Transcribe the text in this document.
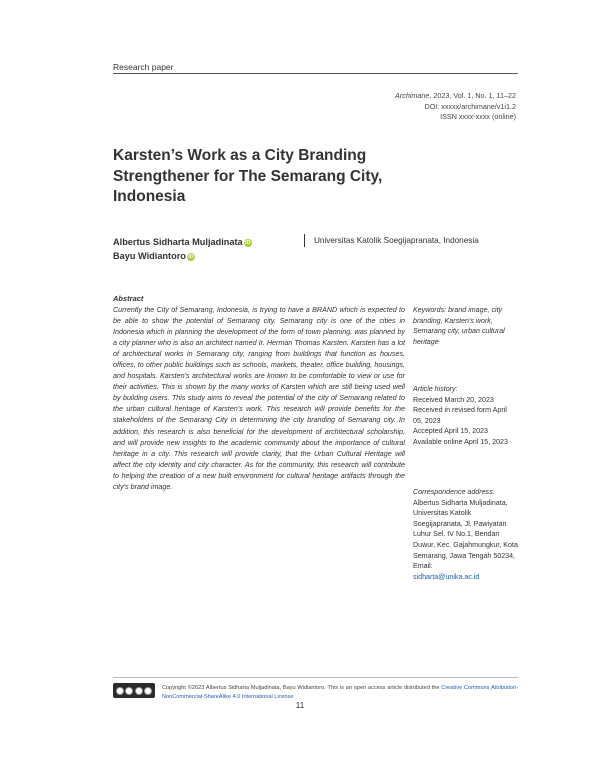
Research paper
Archimane, 2023, Vol. 1, No. 1, 11–22
DOI: xxxxx/archimane/v1i1.2
ISSN xxxx-xxxx (online)
Karsten’s Work as a City Branding Strengthener for The Semarang City, Indonesia
Albertus Sidharta Muljadinata iD
Bayu Widiantoro iD
Universitas Katolik Soegijapranata, Indonesia
Abstract
Currently the City of Semarang, Indonesia, is trying to have a BRAND which is expected to be able to show the potential of Semarang city. Semarang city is one of the cities in Indonesia which in planning the development of the form of town planning, was planned by a city planner who is also an architect named Ir. Herman Thomas Karsten. Karsten has a lot of architectural works in Semarang city, ranging from buildings that function as houses, offices, to other public buildings such as schools, markets, theater, office building, housings, and hospitals. Karsten's architectural works are known to be comfortable to view or use for their activities. This is shown by the many works of Karsten which are still being used well by building users. This study aims to reveal the potential of the city of Semarang related to the urban cultural heritage of Karsten's work. This research will provide benefits for the stakeholders of the Semarang City in determining the city branding of Semarang city. In addition, this research is also beneficial for the development of architectural scholarship, and will provide new insights to the academic community about the importance of cultural heritage in a city. This research will provide clarity, that the Urban Cultural Heritage will affect the city identity and city character. As for the community, this research will contribute to helping the creation of a new built environment for cultural heritage artifacts through the city's brand image.
Keywords: brand image, city branding, Karsten's work, Semarang city, urban cultural heritage
Article history:
Received March 20, 2023
Received in revised form April 05, 2023
Accepted April 15, 2023
Available online April 15, 2023
Correspondence address:
Albertus Sidharta Muljadinata, Universitas Katolik Soegijapranata, Jl. Pawiyatan Luhur Sel. IV No.1, Bendan Duwur, Kec. Gajahmungkur, Kota Semarang, Jawa Tengah 50234, Email:
sidharta@unika.ac.id
Copyright ©2023 Albertus Sidharta Muljadinata, Bayu Widiantoro. This is an open access article distributed the Creative Commons Attribution-NonCommercial-ShareAlike 4.0 International License
11
